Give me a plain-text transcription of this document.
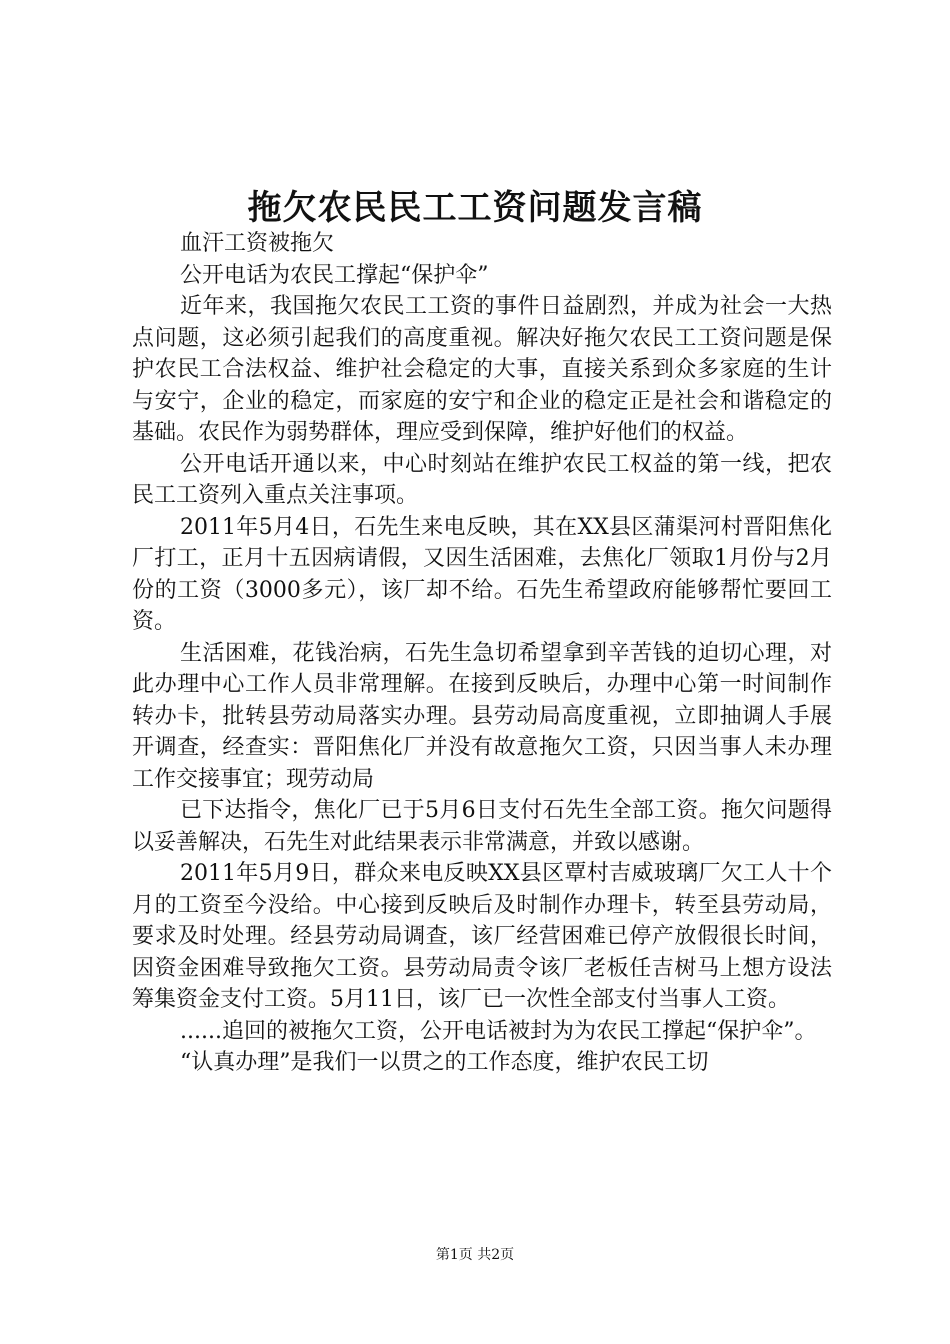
拖欠农民民工工资问题发言稿

血汗工资被拖欠

公开电话为农民工撑起“保护伞”

近年来，我国拖欠农民工工资的事件日益剧烈，并成为社会一大热点问题，这必须引起我们的高度重视。解决好拖欠农民工工资问题是保护农民工合法权益、维护社会稳定的大事，直接关系到众多家庭的生计与安宁，企业的稳定，而家庭的安宁和企业的稳定正是社会和谐稳定的基础。农民作为弱势群体，理应受到保障，维护好他们的权益。

公开电话开通以来，中心时刻站在维护农民工权益的第一线，把农民工工资列入重点关注事项。

2011年5月4日，石先生来电反映，其在XX县区蒲渠河村晋阳焦化厂打工，正月十五因病请假，又因生活困难，去焦化厂领取1月份与2月份的工资（3000多元），该厂却不给。石先生希望政府能够帮忙要回工资。

生活困难，花钱治病，石先生急切希望拿到辛苦钱的迫切心理，对此办理中心工作人员非常理解。在接到反映后，办理中心第一时间制作转办卡，批转县劳动局落实办理。县劳动局高度重视，立即抽调人手展开调查，经查实：晋阳焦化厂并没有故意拖欠工资，只因当事人未办理工作交接事宜；现劳动局

已下达指令，焦化厂已于5月6日支付石先生全部工资。拖欠问题得以妥善解决，石先生对此结果表示非常满意，并致以感谢。

2011年5月9日，群众来电反映XX县区覃村吉威玻璃厂欠工人十个月的工资至今没给。中心接到反映后及时制作办理卡，转至县劳动局，要求及时处理。经县劳动局调查，该厂经营困难已停产放假很长时间，因资金困难导致拖欠工资。县劳动局责令该厂老板任吉树马上想方设法筹集资金支付工资。5月11日，该厂已一次性全部支付当事人工资。

......追回的被拖欠工资，公开电话被封为为农民工撑起“保护伞”。

“认真办理”是我们一以贯之的工作态度，维护农民工切

第1页 共2页
